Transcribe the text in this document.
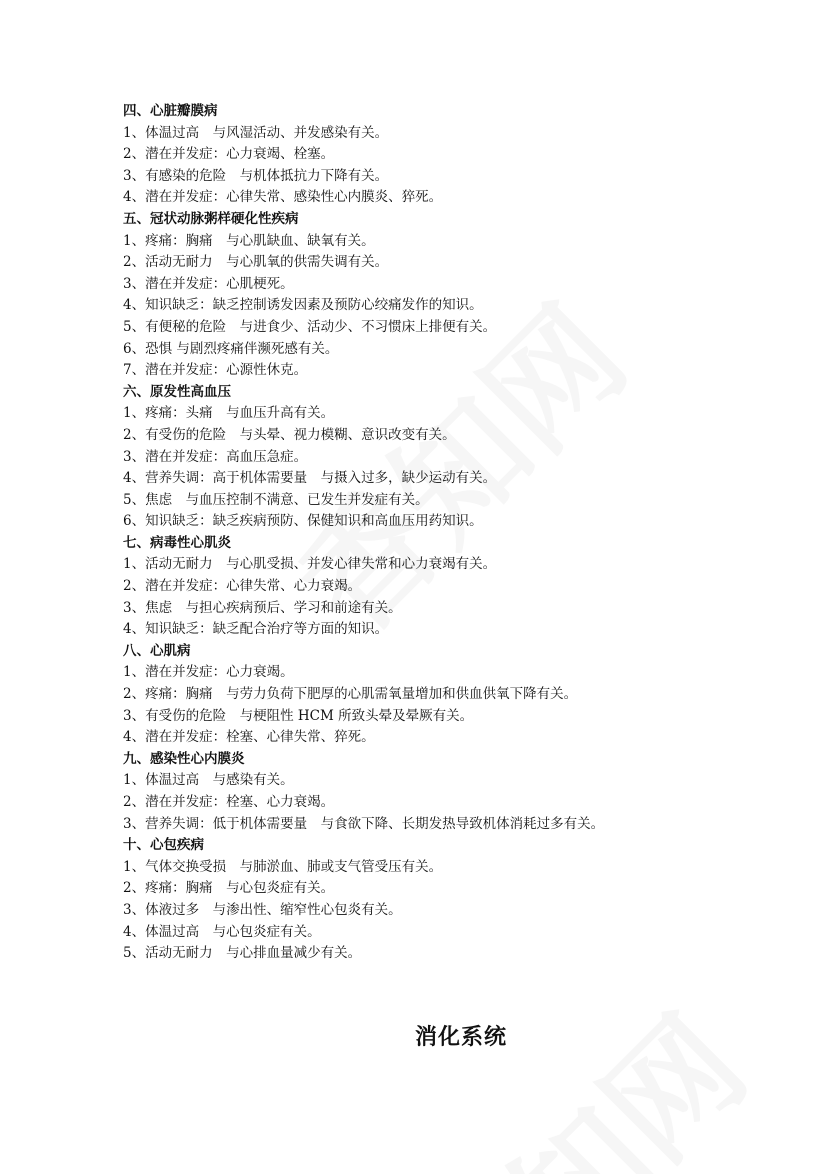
四、心脏瓣膜病
1、体温过高　与风湿活动、并发感染有关。
2、潜在并发症：心力衰竭、栓塞。
3、有感染的危险　与机体抵抗力下降有关。
4、潜在并发症：心律失常、感染性心内膜炎、猝死。
五、冠状动脉粥样硬化性疾病
1、疼痛：胸痛　与心肌缺血、缺氧有关。
2、活动无耐力　与心肌氧的供需失调有关。
3、潜在并发症：心肌梗死。
4、知识缺乏：缺乏控制诱发因素及预防心绞痛发作的知识。
5、有便秘的危险　与进食少、活动少、不习惯床上排便有关。
6、恐惧 与剧烈疼痛伴濒死感有关。
7、潜在并发症：心源性休克。
六、原发性高血压
1、疼痛：头痛　与血压升高有关。
2、有受伤的危险　与头晕、视力模糊、意识改变有关。
3、潜在并发症：高血压急症。
4、营养失调：高于机体需要量　与摄入过多，缺少运动有关。
5、焦虑　与血压控制不满意、已发生并发症有关。
6、知识缺乏：缺乏疾病预防、保健知识和高血压用药知识。
七、病毒性心肌炎
1、活动无耐力　与心肌受损、并发心律失常和心力衰竭有关。
2、潜在并发症：心律失常、心力衰竭。
3、焦虑　与担心疾病预后、学习和前途有关。
4、知识缺乏：缺乏配合治疗等方面的知识。
八、心肌病
1、潜在并发症：心力衰竭。
2、疼痛：胸痛　与劳力负荷下肥厚的心肌需氧量增加和供血供氧下降有关。
3、有受伤的危险　与梗阻性 HCM 所致头晕及晕厥有关。
4、潜在并发症：栓塞、心律失常、猝死。
九、感染性心内膜炎
1、体温过高　与感染有关。
2、潜在并发症：栓塞、心力衰竭。
3、营养失调：低于机体需要量　与食欲下降、长期发热导致机体消耗过多有关。
十、心包疾病
1、气体交换受损　与肺淤血、肺或支气管受压有关。
2、疼痛：胸痛　与心包炎症有关。
3、体液过多　与渗出性、缩窄性心包炎有关。
4、体温过高　与心包炎症有关。
5、活动无耐力　与心排血量减少有关。
消化系统
